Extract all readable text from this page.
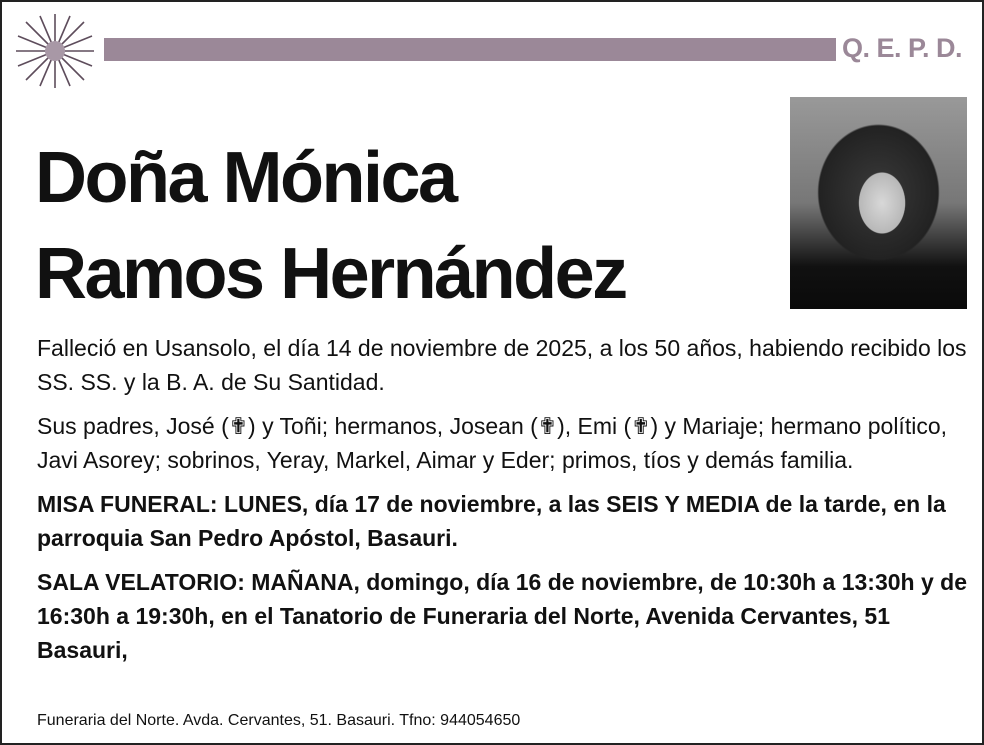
Q. E. P. D.
Doña Mónica
Ramos Hernández

Falleció en Usansolo, el día 14 de noviembre de 2025, a los 50 años, habiendo recibido los SS. SS. y la B. A. de Su Santidad.

Sus padres, José (✟) y Toñi; hermanos, Josean (✟), Emi (✟) y Mariaje; hermano político, Javi Asorey; sobrinos, Yeray, Markel, Aimar y Eder; primos, tíos y demás familia.

MISA FUNERAL: LUNES, día 17 de noviembre, a las SEIS Y MEDIA de la tarde, en la parroquia San Pedro Apóstol, Basauri.

SALA VELATORIO: MAÑANA, domingo, día 16 de noviembre, de 10:30h a 13:30h y de 16:30h a 19:30h, en el Tanatorio de Funeraria del Norte, Avenida Cervantes, 51 Basauri,

Funeraria del Norte. Avda. Cervantes, 51. Basauri. Tfno: 944054650
